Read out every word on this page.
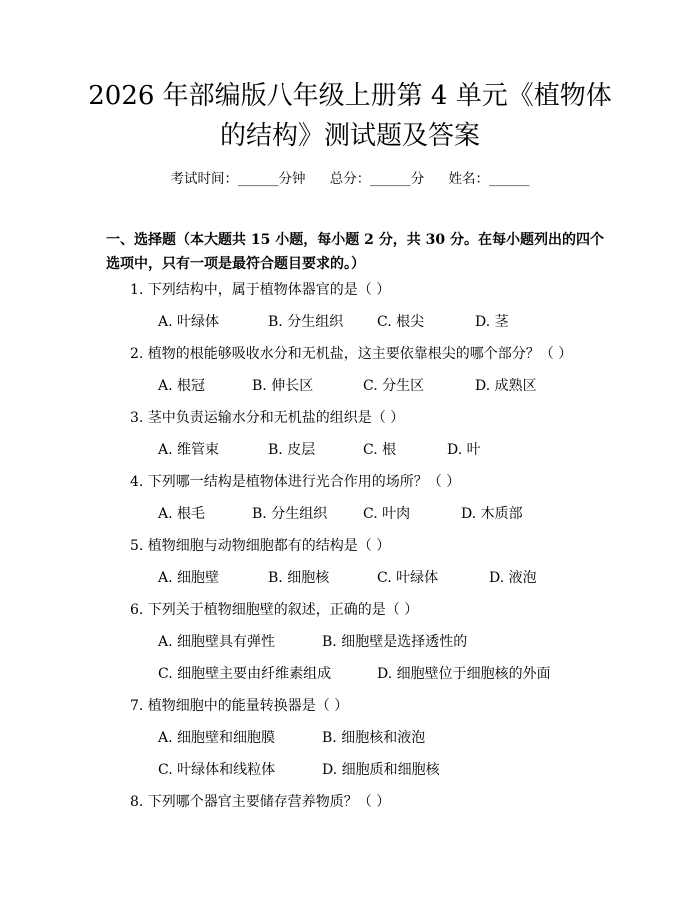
2026 年部编版八年级上册第 4 单元《植物体
的结构》测试题及答案
考试时间：______分钟 总分：______分 姓名：______
一、选择题（本大题共 15 小题，每小题 2 分，共 30 分。在每小题列出的四个选项中，只有一项是最符合题目要求的。）
1. 下列结构中，属于植物体器官的是（ ）
A. 叶绿体	B. 分生组织 C. 根尖	D. 茎
2. 植物的根能够吸收水分和无机盐，这主要依靠根尖的哪个部分？（ ）
A. 根冠	B. 伸长区	C. 分生区	D. 成熟区
3. 茎中负责运输水分和无机盐的组织是（ ）
A. 维管束	B. 皮层	C. 根	D. 叶
4. 下列哪一结构是植物体进行光合作用的场所？（ ）
A. 根毛	B. 分生组织	C. 叶肉	D. 木质部
5. 植物细胞与动物细胞都有的结构是（ ）
A. 细胞壁	B. 细胞核	C. 叶绿体	D. 液泡
6. 下列关于植物细胞壁的叙述，正确的是（ ）
A. 细胞壁具有弹性	B. 细胞壁是选择透性的
C. 细胞壁主要由纤维素组成	D. 细胞壁位于细胞核的外面
7. 植物细胞中的能量转换器是（ ）
A. 细胞壁和细胞膜	B. 细胞核和液泡
C. 叶绿体和线粒体	D. 细胞质和细胞核
8. 下列哪个器官主要储存营养物质？（ ）
